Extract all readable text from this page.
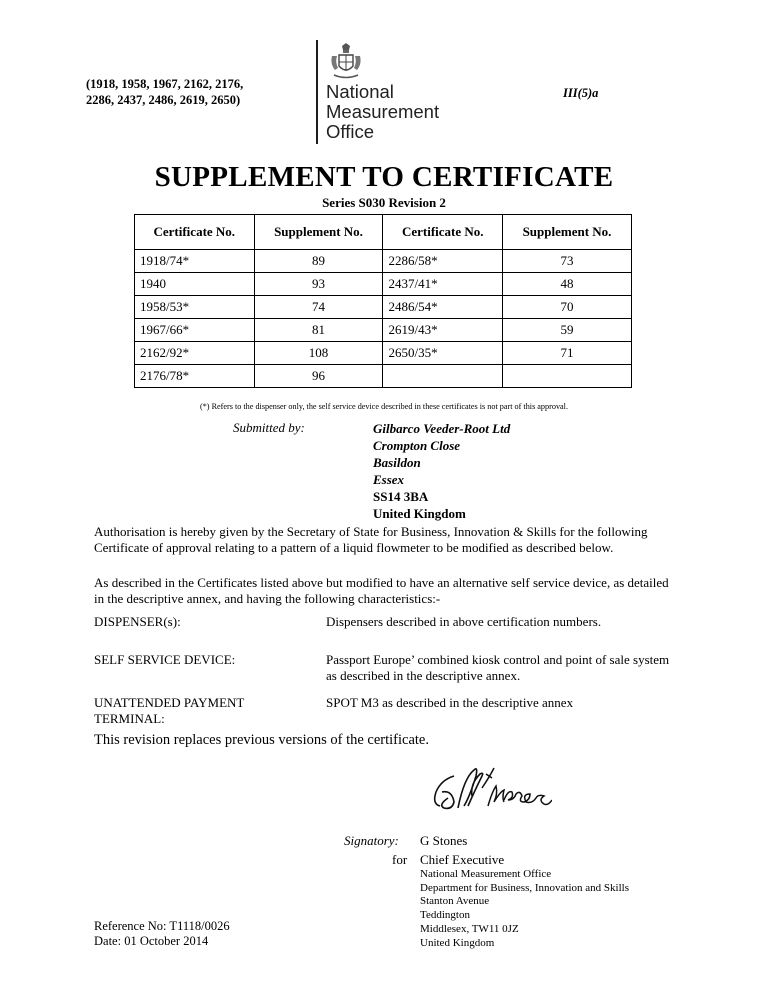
(1918, 1958, 1967, 2162, 2176,
2286, 2437, 2486, 2619, 2650)	III(5)a
National
Measurement
Office
SUPPLEMENT TO CERTIFICATE
Series S030 Revision 2
Certificate No.	Supplement No.	Certificate No.	Supplement No.
1918/74*	89	2286/58*	73
1940	93	2437/41*	48
1958/53*	74	2486/54*	70
1967/66*	81	2619/43*	59
2162/92*	108	2650/35*	71
2176/78*	96		
(*) Refers to the dispenser only, the self service device described in these certificates is not part of this approval.
Submitted by:	Gilbarco Veeder-Root Ltd
Crompton Close
Basildon
Essex
SS14 3BA
United Kingdom
Authorisation is hereby given by the Secretary of State for Business, Innovation & Skills for the following Certificate of approval relating to a pattern of a liquid flowmeter to be modified as described below.
As described in the Certificates listed above but modified to have an alternative self service device, as detailed in the descriptive annex, and having the following characteristics:-
DISPENSER(s):	Dispensers described in above certification numbers.
SELF SERVICE DEVICE:	Passport Europe’ combined kiosk control and point of sale system as described in the descriptive annex.
UNATTENDED PAYMENT TERMINAL:
SPOT M3 as described in the descriptive annex
This revision replaces previous versions of the certificate.
Signatory: G Stones
for Chief Executive
National Measurement Office
Department for Business, Innovation and Skills
Stanton Avenue
Teddington
Middlesex, TW11 0JZ
United Kingdom
Reference No: T1118/0026
Date: 01 October 2014
